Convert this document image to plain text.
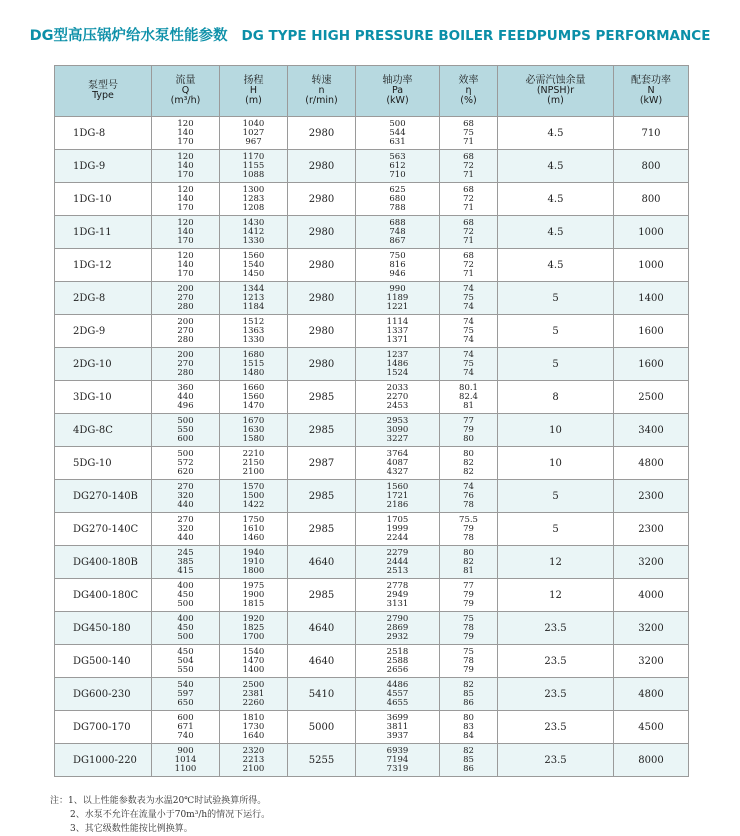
DG型高压锅炉给水泵性能参数 DG TYPE HIGH PRESSURE BOILER FEEDPUMPS PERFORMANCE
泵型号
Type	流量
Q
(m³/h)	扬程
H
(m)	转速
n
(r/min)	轴功率
Pa
(kW)	效率
η
(%)	必需汽蚀余量
(NPSH)r
(m)	配套功率
N
(kW)

1DG-8	120
140
170	1040
1027
967	2980	500
544
631	68
75
71	4.5	710
1DG-9	120
140
170	1170
1155
1088	2980	563
612
710	68
72
71	4.5	800
1DG-10	120
140
170	1300
1283
1208	2980	625
680
788	68
72
71	4.5	800
1DG-11	120
140
170	1430
1412
1330	2980	688
748
867	68
72
71	4.5	1000
1DG-12	120
140
170	1560
1540
1450	2980	750
816
946	68
72
71	4.5	1000
2DG-8	200
270
280	1344
1213
1184	2980	990
1189
1221	74
75
74	5	1400
2DG-9	200
270
280	1512
1363
1330	2980	1114
1337
1371	74
75
74	5	1600
2DG-10	200
270
280	1680
1515
1480	2980	1237
1486
1524	74
75
74	5	1600
3DG-10	360
440
496	1660
1560
1470	2985	2033
2270
2453	80.1
82.4
81	8	2500
4DG-8C	500
550
600	1670
1630
1580	2985	2953
3090
3227	77
79
80	10	3400
5DG-10	500
572
620	2210
2150
2100	2987	3764
4087
4327	80
82
82	10	4800
DG270-140B	270
320
440	1570
1500
1422	2985	1560
1721
2186	74
76
78	5	2300
DG270-140C	270
320
440	1750
1610
1460	2985	1705
1999
2244	75.5
79
78	5	2300
DG400-180B	245
385
415	1940
1910
1800	4640	2279
2444
2513	80
82
81	12	3200
DG400-180C	400
450
500	1975
1900
1815	2985	2778
2949
3131	77
79
79	12	4000
DG450-180	400
450
500	1920
1825
1700	4640	2790
2869
2932	75
78
79	23.5	3200
DG500-140	450
504
550	1540
1470
1400	4640	2518
2588
2656	75
78
79	23.5	3200
DG600-230	540
597
650	2500
2381
2260	5410	4486
4557
4655	82
85
86	23.5	4800
DG700-170	600
671
740	1810
1730
1640	5000	3699
3811
3937	80
83
84	23.5	4500
DG1000-220	900
1014
1100	2320
2213
2100	5255	6939
7194
7319	82
85
86	23.5	8000
注：1、以上性能参数表为水温20℃时试验换算所得。
2、水泵不允许在流量小于70m³/h的情况下运行。
3、其它级数性能按比例换算。
